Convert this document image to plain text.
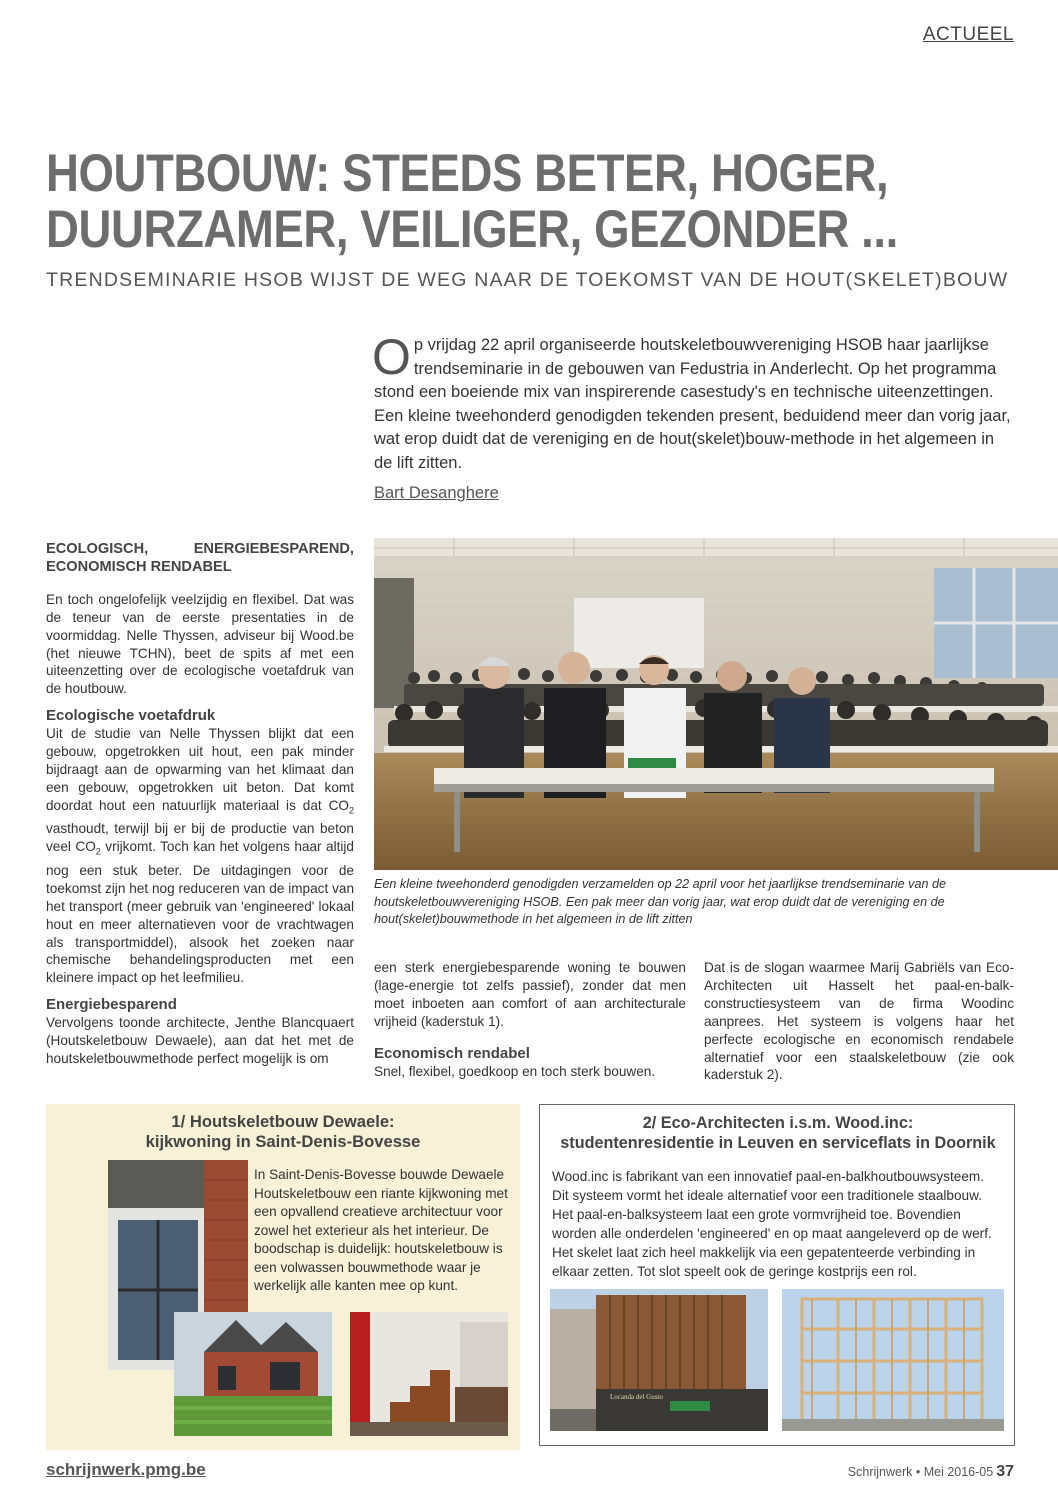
ACTUEEL
HOUTBOUW: STEEDS BETER, HOGER,
DUURZAMER, VEILIGER, GEZONDER ...
TRENDSEMINARIE HSOB WIJST DE WEG NAAR DE TOEKOMST VAN DE HOUT(SKELET)BOUW
Op vrijdag 22 april organiseerde houtskeletbouwvereniging HSOB haar jaarlijkse trendseminarie in de gebouwen van Fedustria in Anderlecht. Op het programma stond een boeiende mix van inspirerende casestudy's en technische uiteenzettingen. Een kleine tweehonderd genodigden tekenden present, beduidend meer dan vorig jaar, wat erop duidt dat de vereniging en de hout(skelet)bouw-methode in het algemeen in de lift zitten.
Bart Desanghere
ECOLOGISCH, ENERGIEBESPAREND, ECONOMISCH RENDABEL

En toch ongelofelijk veelzijdig en flexibel. Dat was de teneur van de eerste presentaties in de voormiddag. Nelle Thyssen, adviseur bij Wood.be (het nieuwe TCHN), beet de spits af met een uiteenzetting over de ecologische voetafdruk van de houtbouw.

Ecologische voetafdruk

Uit de studie van Nelle Thyssen blijkt dat een gebouw, opgetrokken uit hout, een pak minder bijdraagt aan de opwarming van het klimaat dan een gebouw, opgetrokken uit beton. Dat komt doordat hout een natuurlijk materiaal is dat $CO_2$ vasthoudt, terwijl bij er bij de productie van beton veel $CO_2$ vrijkomt. Toch kan het volgens haar altijd nog een stuk beter. De uitdagingen voor de toekomst zijn het nog reduceren van de impact van het transport (meer gebruik van 'engineered' lokaal hout en meer alternatieven voor de vrachtwagen als transportmiddel), alsook het zoeken naar chemische behandelingsproducten met een kleinere impact op het leefmilieu.

Energiebesparend

Vervolgens toonde architecte, Jenthe Blancquaert (Houtskeletbouw Dewaele), aan dat het met de houtskeletbouwmethode perfect mogelijk is om

Een kleine tweehonderd genodigden verzamelden op 22 april voor het jaarlijkse trendseminarie van de houtskeletbouwvereniging HSOB. Een pak meer dan vorig jaar, wat erop duidt dat de vereniging en de hout(skelet)bouwmethode in het algemeen in de lift zitten

een sterk energiebesparende woning te bouwen (lage-energie tot zelfs passief), zonder dat men moet inboeten aan comfort of aan architecturale vrijheid (kaderstuk 1).

Economisch rendabel

Snel, flexibel, goedkoop en toch sterk bouwen.

Dat is de slogan waarmee Marij Gabriëls van Eco-Architecten uit Hasselt het paal-en-balk-constructiesysteem van de firma Woodinc aanprees. Het systeem is volgens haar het perfecte ecologische en economisch rendabele alternatief voor een staalskeletbouw (zie ook kaderstuk 2).

1/ Houtskeletbouw Dewaele:
kijkwoning in Saint-Denis-Bovesse
In Saint-Denis-Bovesse bouwde Dewaele Houtskeletbouw een riante kijkwoning met een opvallend creatieve architectuur voor zowel het exterieur als het interieur. De boodschap is duidelijk: houtskeletbouw is een volwassen bouwmethode waar je werkelijk alle kanten mee op kunt.
2/ Eco-Architecten i.s.m. Wood.inc:
studentenresidentie in Leuven en serviceflats in Doornik
Wood.inc is fabrikant van een innovatief paal-en-balkhoutbouwsysteem. Dit systeem vormt het ideale alternatief voor een traditionele staalbouw. Het paal-en-balksysteem laat een grote vormvrijheid toe. Bovendien worden alle onderdelen 'engineered' en op maat aangeleverd op de werf. Het skelet laat zich heel makkelijk via een gepatenteerde verbinding in elkaar zetten. Tot slot speelt ook de geringe kostprijs een rol.
Locanda del Gusto
schrijnwerk.pmg.be	Schrijnwerk • Mei 2016-05 37
